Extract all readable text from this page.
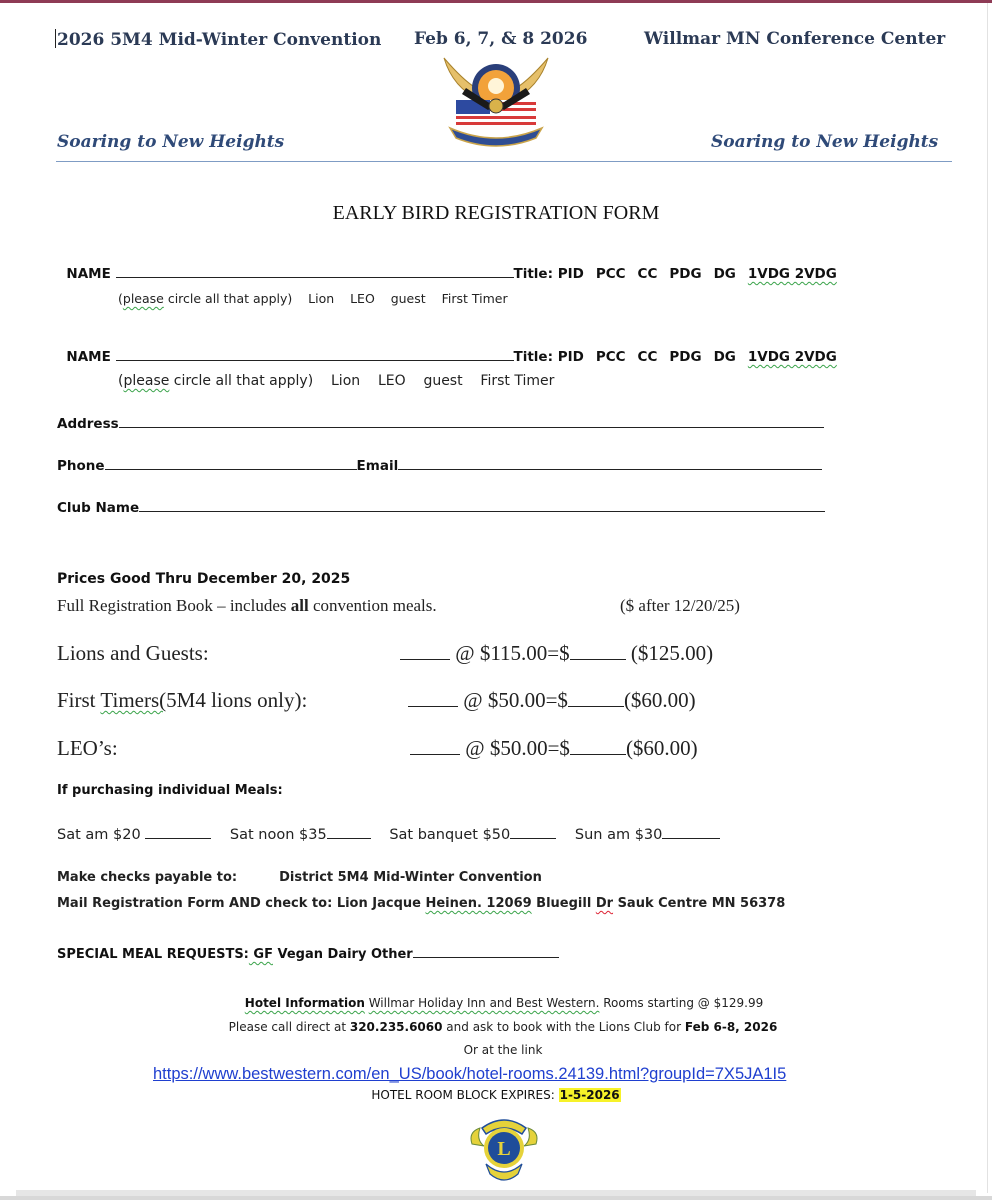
2026 5M4 Mid-Winter Convention Feb 6, 7, & 8 2026	Willmar MN Conference Center
Soaring to New Heights	Soaring to New Heights
EARLY BIRD REGISTRATION FORM

NAME	Title: PID PCC CC PDG DG 1VDG 2VDG

(please circle all that apply) Lion LEO guest First Timer

NAME	Title: PID PCC CC PDG DG 1VDG 2VDG

(please circle all that apply) Lion LEO guest First Timer
Address
Phone	Email
Club Name
Prices Good Thru December 20, 2025
Full Registration Book – includes all convention meals.	($ after 12/20/25)
Lions and Guests:	@ $115.00=$	($125.00)
First Timers(5M4 lions only):	@ $50.00=$	($60.00)
LEO’s:	@ $50.00=$	($60.00)
If purchasing individual Meals:
Sat am $20	Sat noon $35	Sat banquet $50	Sun am $30
Make checks payable to:	District 5M4 Mid-Winter Convention
Mail Registration Form AND check to: Lion Jacque Heinen. 12069 Bluegill Dr Sauk Centre MN 56378
SPECIAL MEAL REQUESTS: GF Vegan Dairy Other
Hotel Information Willmar Holiday Inn and Best Western. Rooms starting @ $129.99
Please call direct at 320.235.6060 and ask to book with the Lions Club for Feb 6-8, 2026
Or at the link
https://www.bestwestern.com/en_US/book/hotel-rooms.24139.html?groupId=7X5JA1I5
HOTEL ROOM BLOCK EXPIRES: 1-5-2026
L
